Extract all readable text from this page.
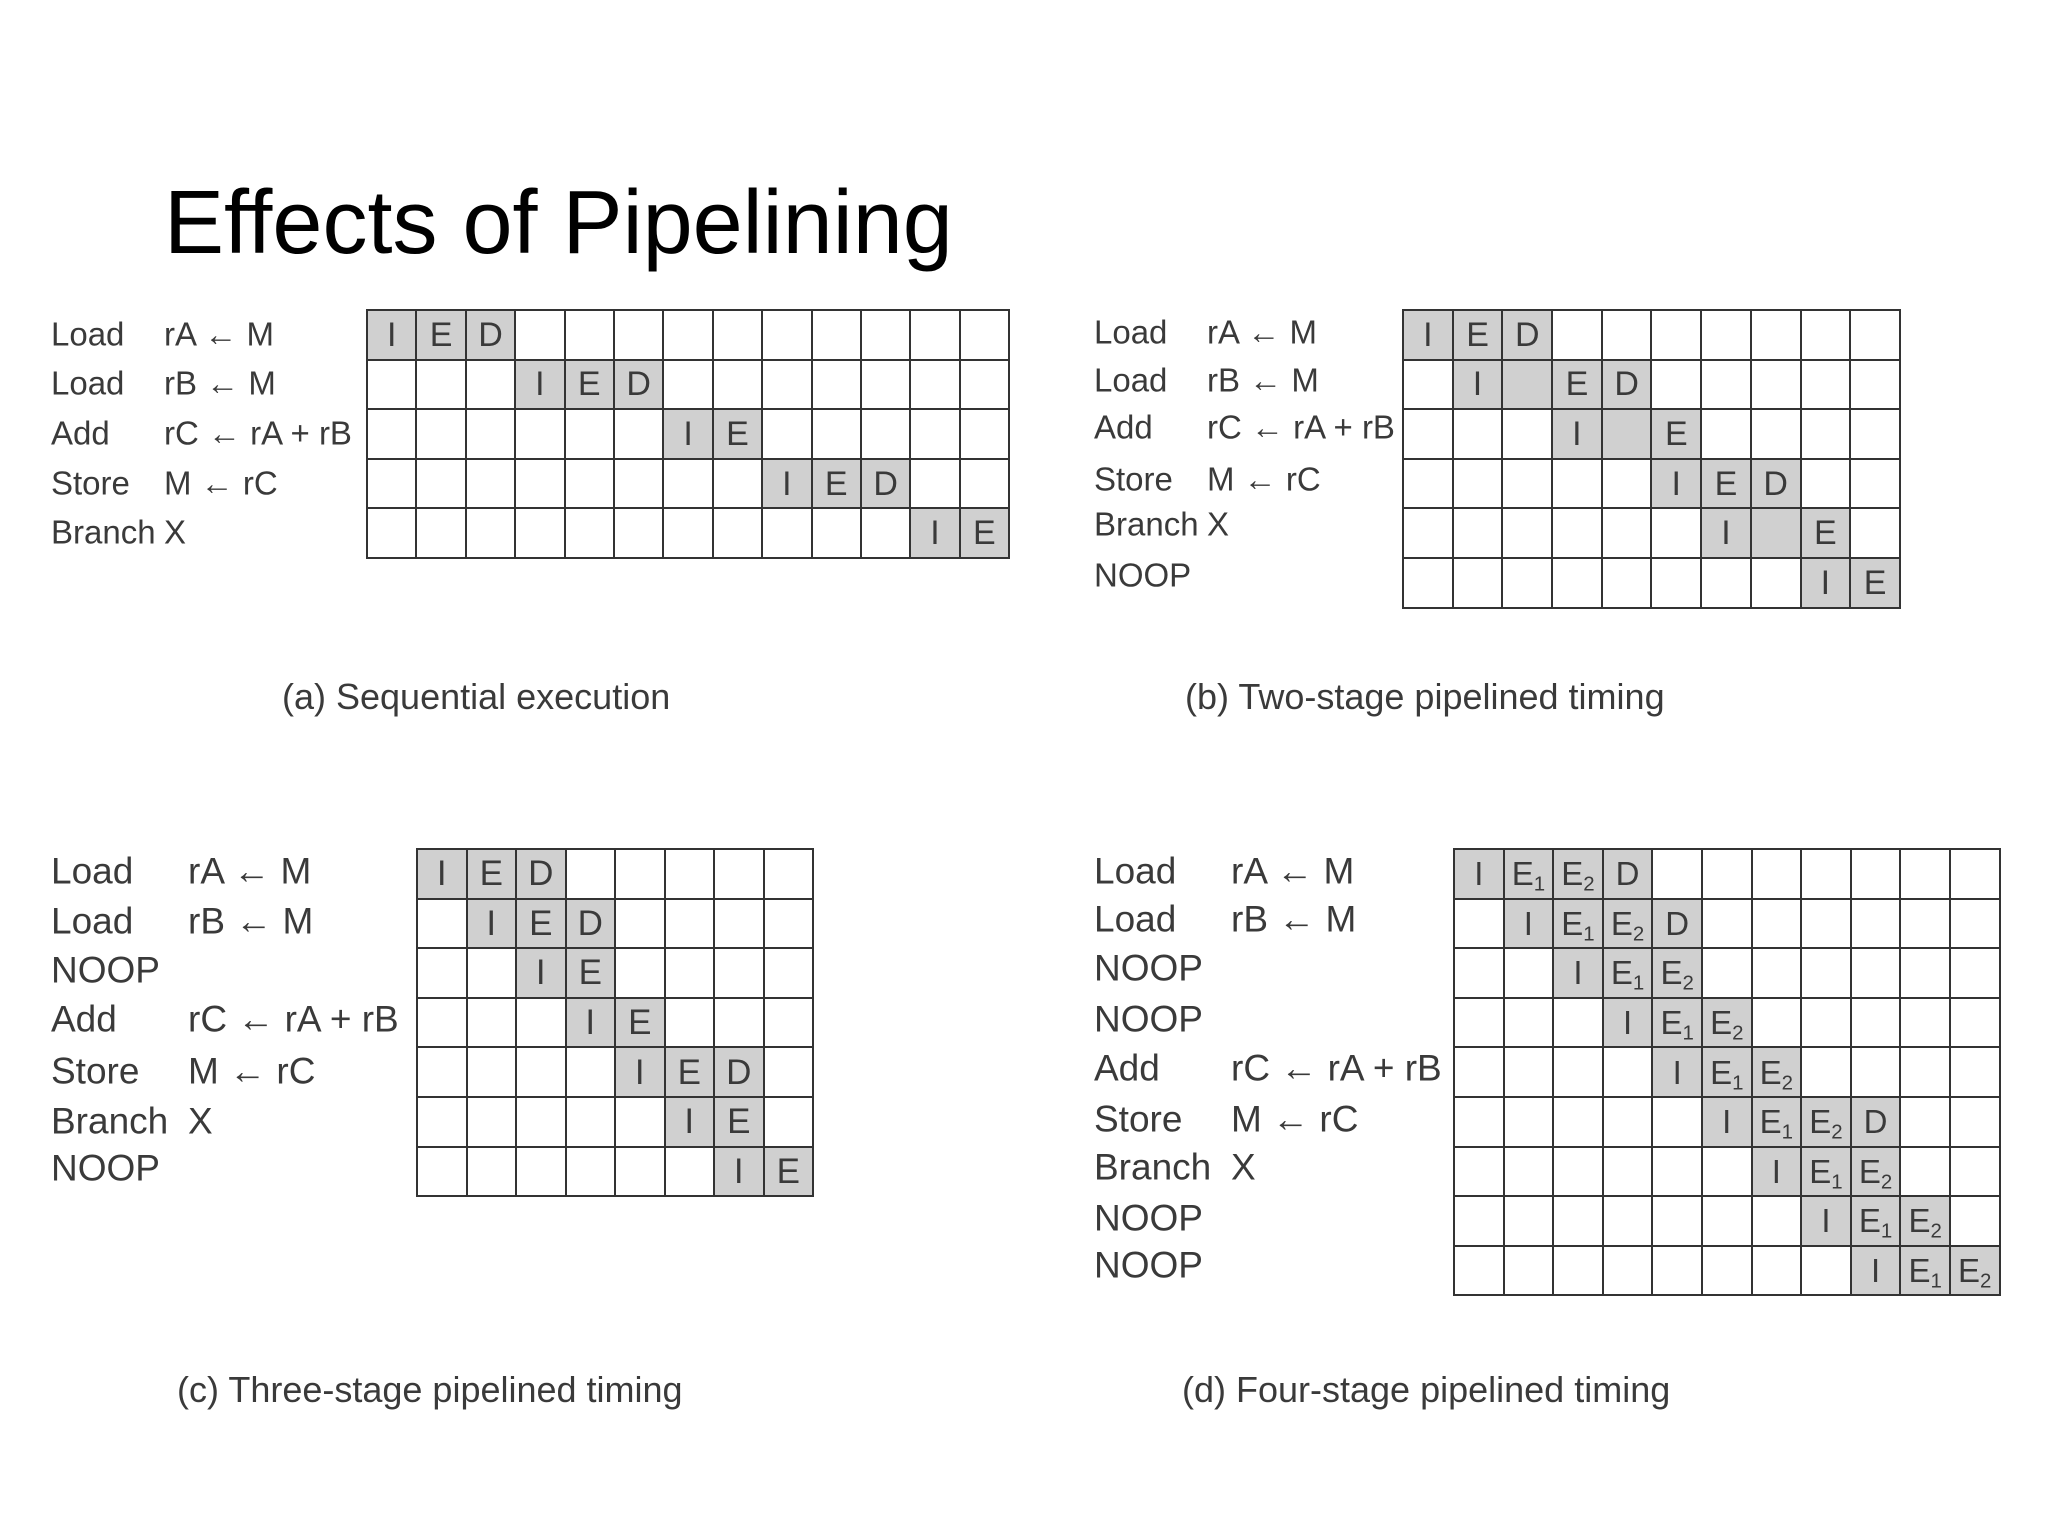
Effects of Pipelining
Load rA ← M
Load rB ← M
Add rC ← rA + rB
Store M ← rC
Branch X
I	E	D										
			I	E	D							
						I	E					
								I	E	D		
											I	E
(a) Sequential execution
Load rA ← M
Load rB ← M
Add rC ← rA + rB
Store M ← rC
Branch X
NOOP
I	E	D							
	I		E	D					
			I		E				
					I	E	D		
						I		E	
								I	E
(b) Two-stage pipelined timing
Load rA ← M
Load rB ← M
NOOP
Add rC ← rA + rB
Store M ← rC
Branch X
NOOP
I	E	D					
	I	E	D				
		I	E				
			I	E			
				I	E	D	
					I	E	
						I	E
(c) Three-stage pipelined timing
Load rA ← M
Load rB ← M
NOOP
NOOP
Add rC ← rA + rB
Store M ← rC
Branch X
NOOP
NOOP
I	$E_1$	$E_2$	D							
	I	$E_1$	$E_2$	D						
		I	$E_1$	$E_2$						
			I	$E_1$	$E_2$					
				I	$E_1$	$E_2$				
					I	$E_1$	$E_2$	D		
						I	$E_1$	$E_2$		
							I	$E_1$	$E_2$	
								I	$E_1$	$E_2$
(d) Four-stage pipelined timing
